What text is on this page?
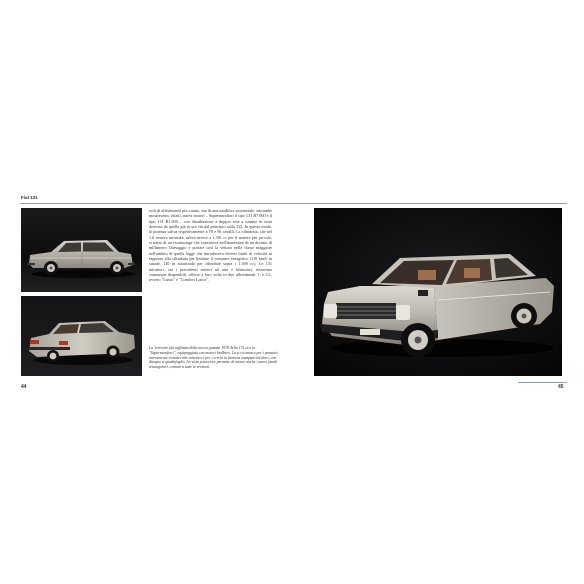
Fiat 131

ordi di allestimenti più curato, ma di una modifica sostanziale: entrambe mostravano, infatti, nuovi motori – Supermirafiori il tipo 131 B7.000 e il tipo 131 B1.600 – con distribuzione a doppio asse a camme in testa derivata da quella già in uso fin dal principio sulla 132. In questo modo, la potenza saliva rispettivamente a 78 e 96 cavalli. La cilindrata, che nel 1.6 restava invariata, saliva invece a 1.301 cc per il motore più piccolo, si tratto di un escamotage che consisteva nell'aumentare di un decimo di millimetro l'alesaggio e portare così la vettura nella classe maggiore nell'ambito di quella legge che introduceva diversi limiti di velocità in rapporto alla cilindrata per limitare il consumo energetico (110 km/h in statale, 140 in autostrada per cilindrate sopra i 1.300 cc). Le 131 mirafiori, coi i precedenti motori ad aste e bilancieri, restavano comunque disponibili, offerte a loro volta in due allestimenti, L e CL, ovvero "Lusso" e "Comfort Lusso".

La 'terrestre più raffinata della nuova gamma 1978 della 131 era la "Supermirafiori", equipaggiata con motori bialbero. La si riconosce per i paraurti interamente in materiale sintetico e per i cerchi in lamiera stampata bicolori, con disegno a quadrifoglio. La vista posteriore permette di notare anche i nuovi fanali rettangolari, comuni a tutte le versioni.
44	45
